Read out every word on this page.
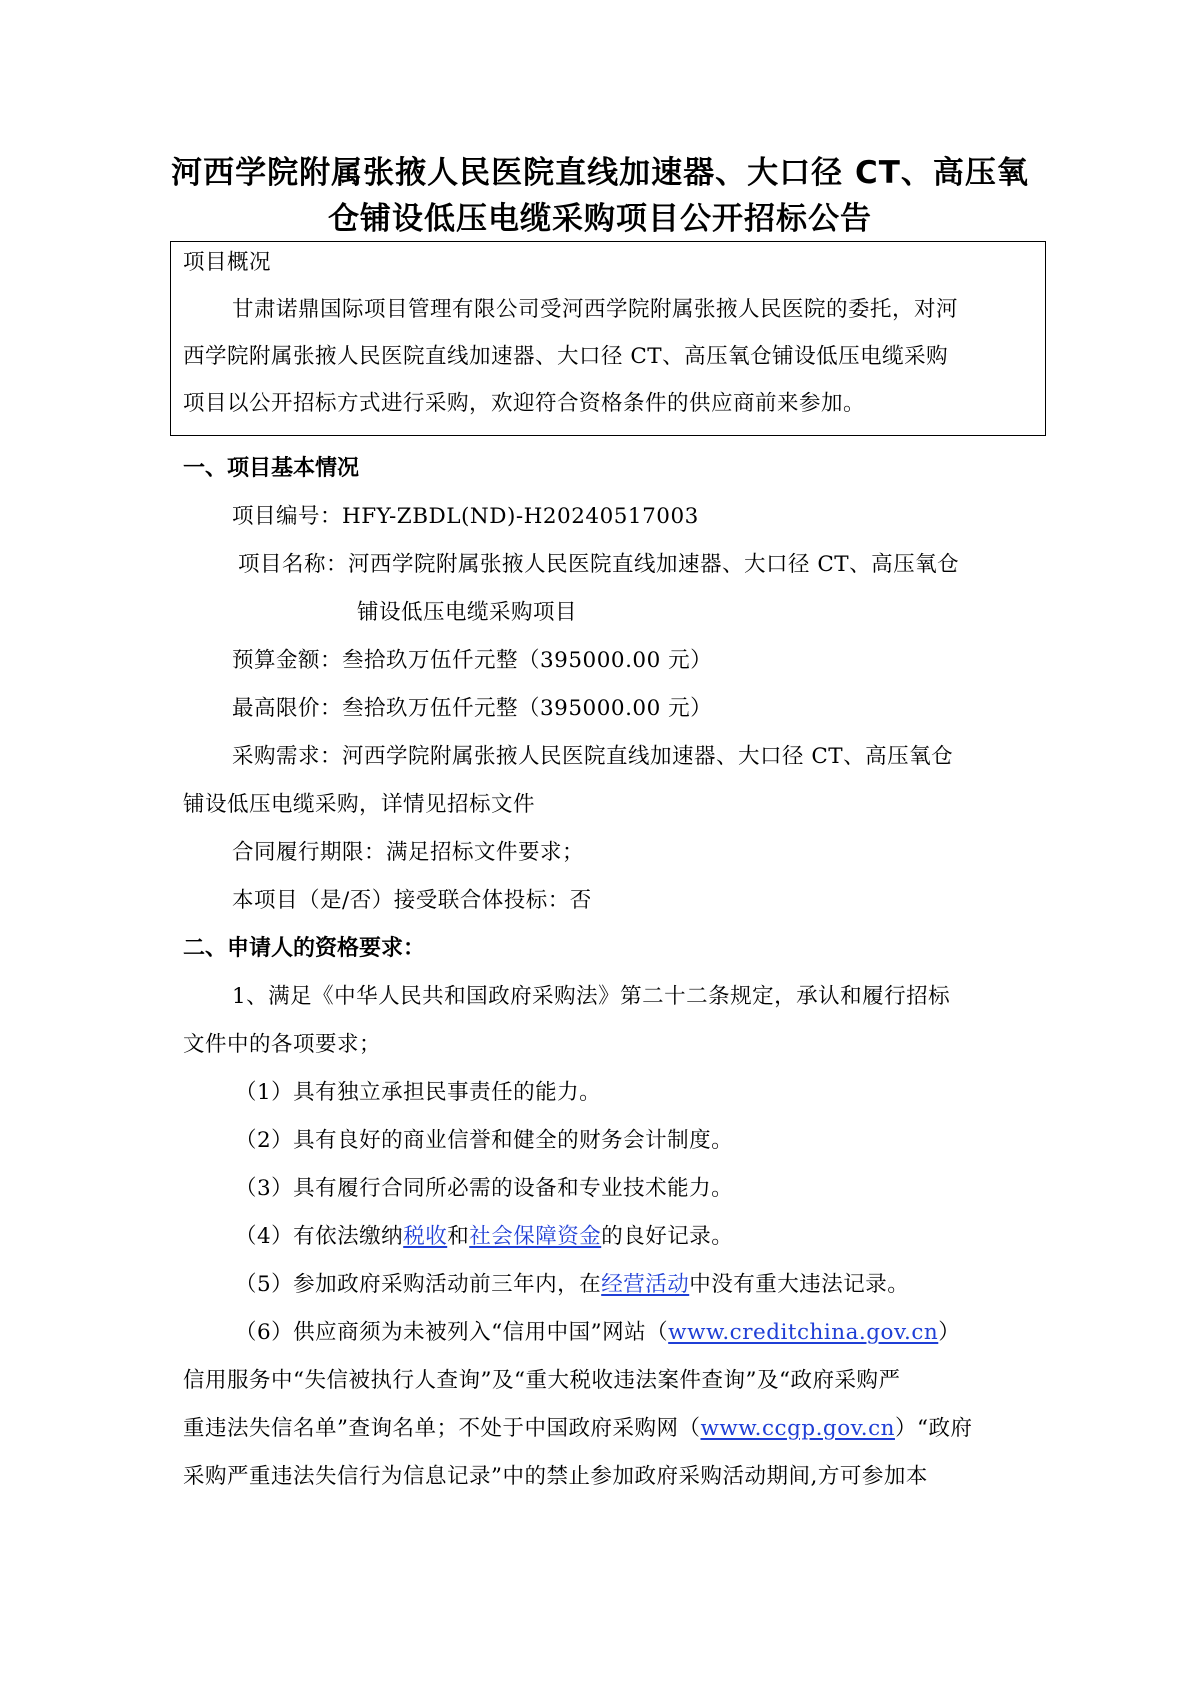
河西学院附属张掖人民医院直线加速器、大口径 CT、高压氧
仓铺设低压电缆采购项目公开招标公告
项目概况
甘肃诺鼎国际项目管理有限公司受河西学院附属张掖人民医院的委托，对河
西学院附属张掖人民医院直线加速器、大口径 CT、高压氧仓铺设低压电缆采购
项目以公开招标方式进行采购，欢迎符合资格条件的供应商前来参加。
一、项目基本情况
项目编号：HFY-ZBDL(ND)-H20240517003
项目名称：河西学院附属张掖人民医院直线加速器、大口径 CT、高压氧仓
铺设低压电缆采购项目
预算金额：叁拾玖万伍仟元整（395000.00 元）
最高限价：叁拾玖万伍仟元整（395000.00 元）
采购需求：河西学院附属张掖人民医院直线加速器、大口径 CT、高压氧仓
铺设低压电缆采购，详情见招标文件
合同履行期限：满足招标文件要求；
本项目（是/否）接受联合体投标：否
二、申请人的资格要求：
1、满足《中华人民共和国政府采购法》第二十二条规定，承认和履行招标
文件中的各项要求；
（1）具有独立承担民事责任的能力。
（2）具有良好的商业信誉和健全的财务会计制度。
（3）具有履行合同所必需的设备和专业技术能力。
（4）有依法缴纳税收和社会保障资金的良好记录。
（5）参加政府采购活动前三年内，在经营活动中没有重大违法记录。
（6）供应商须为未被列入“信用中国”网站（www.creditchina.gov.cn）
信用服务中“失信被执行人查询”及“重大税收违法案件查询”及“政府采购严
重违法失信名单”查询名单；不处于中国政府采购网（www.ccgp.gov.cn）“政府
采购严重违法失信行为信息记录”中的禁止参加政府采购活动期间,方可参加本
